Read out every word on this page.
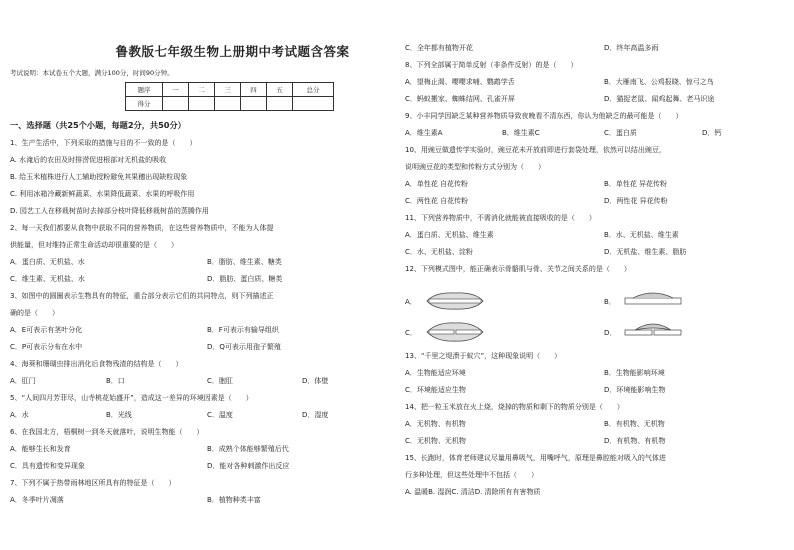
鲁教版七年级生物上册期中考试题含答案
考试说明：本试卷五个大题，满分100分，时间90分钟。
题序	一	二	三	四	五	总分
得分						
一、选择题（共25个小题，每题2分，共50分）
1、生产生活中，下列采取的措施与目的不一致的是（　　）
A. 水淹后的农田及时排涝促进根部对无机盐的吸收
B. 给玉米植株进行人工辅助授粉避免其果穗出现缺粒现象
C. 利用冰箱冷藏新鲜蔬菜、水果降低蔬菜、水果的呼吸作用
D. 园艺工人在移栽树苗时去掉部分枝叶降低移栽树苗的蒸腾作用
2、每一天我们都要从食物中获取不同的营养物质，在这些营养物质中，不能为人体提
供能量，但对维持正常生命活动却很重要的是（　　）
A．蛋白质、无机盐、水	B．脂肪、维生素、糖类
C．维生素、无机盐、水	D．脂肪、蛋白质、糖类
3、如图中的圆圈表示生物具有的特征，重合部分表示它们的共同特点，则下列描述正
确的是（　　）
A．E可表示有茎叶分化	B．F可表示有输导组织
C．P可表示分布在水中	D．Q可表示用孢子繁殖
4、海葵和珊瑚虫排出消化后食物残渣的结构是（　　）
A．肛门	B．口	C．胞肛	D．体壁
5、“人间四月芳菲尽，山寺桃花始盛开”，造成这一差异的环境因素是（　　）
A．水	B．光线	C．温度	D．湿度
6、在我国北方，梧桐树一到冬天就落叶，说明生物能（　　）
A．能够生长和发育	B．成熟个体能够繁殖后代
C．具有遗传和变异现象	D．能对各种刺激作出反应
7、下列不属于热带雨林地区所具有的特征是（　　）
A．冬季叶片凋落	B．植物种类丰富
C．全年都有植物开花	D．终年高温多雨
8、下列全部属于简单反射（非条件反射）的是（　　）
A．望梅止渴、嘤嘤求哺、鹦鹉学舌	B．大雁南飞、公鸡报晓、惊弓之鸟
C．蚂蚁搬家、蜘蛛结网、孔雀开屏	D．猫捉老鼠、闻鸡起舞、老马识途
9、小丰同学因缺乏某种营养物质导致夜晚看不清东西，你认为他缺乏的最可能是（　　）
A．维生素A	B．维生素C	C．蛋白质	D．钙
10、用豌豆做遗传学实验时，豌豆花未开放前即进行套袋处理，依然可以结出豌豆，
说明豌豆花的类型和传粉方式分别为（　　）
A．单性花 自花传粉	B．单性花 异花传粉
C．两性花 自花传粉	D．两性花 异花传粉
11、下列营养物质中，不需消化就能被直接吸收的是（　　）
A．蛋白质、无机盐、维生素	B．水、无机盐、维生素
C．水、无机盐、淀粉	D．无机盐、维生素、脂肪
12、下列模式图中，能正确表示骨骼肌与骨、关节之间关系的是（　　）
A．	B．
C．	D．
13、“千里之堤溃于蚁穴”，这种现象说明（　　）
A．生物能适应环境	B．生物能影响环境
C．环境能适应生物	D．环境能影响生物
14、把一粒玉米放在火上烧，烧掉的物质和剩下的物质分别是（　　）
A．无机物、有机物	B．有机物、无机物
C．无机物、无机物	D．有机物、有机物
15、长跑时，体育老师建议尽量用鼻吸气，用嘴呼气，原理是鼻腔能对吸入的气体进
行多种处理，但这些处理中不包括（　　）
A. 温暖B. 湿润C. 清洁D. 清除所有有害物质
